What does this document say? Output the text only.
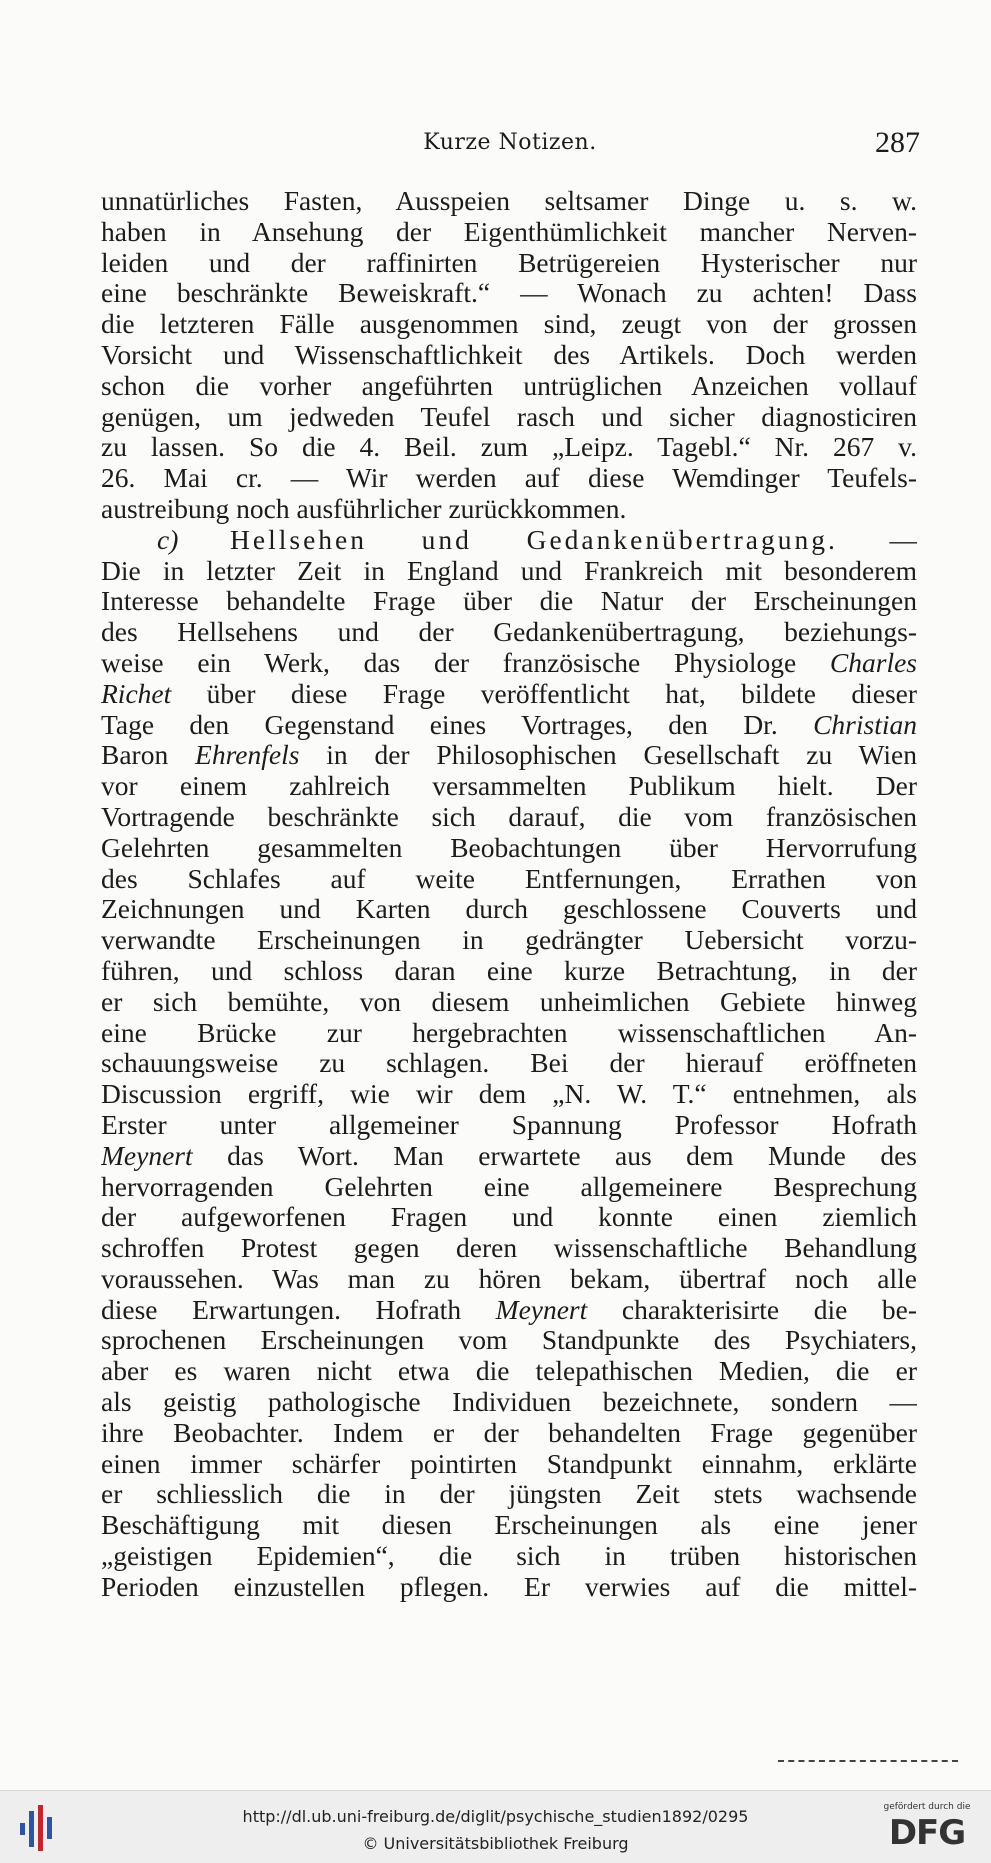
Kurze Notizen.	287
unnatürliches Fasten, Ausspeien seltsamer Dinge u. s. w.
haben in Ansehung der Eigenthümlichkeit mancher Nerven-
leiden und der raffinirten Betrügereien Hysterischer nur
eine beschränkte Beweiskraft.“ — Wonach zu achten! Dass
die letzteren Fälle ausgenommen sind, zeugt von der grossen
Vorsicht und Wissenschaftlichkeit des Artikels. Doch werden
schon die vorher angeführten untrüglichen Anzeichen vollauf
genügen, um jedweden Teufel rasch und sicher diagnosticiren
zu lassen. So die 4. Beil. zum „Leipz. Tagebl.“ Nr. 267 v.
26. Mai cr. — Wir werden auf diese Wemdinger Teufels-
austreibung noch ausführlicher zurückkommen.
c) Hellsehen und Gedankenübertragung. —
Die in letzter Zeit in England und Frankreich mit besonderem
Interesse behandelte Frage über die Natur der Erscheinungen
des Hellsehens und der Gedankenübertragung, beziehungs-
weise ein Werk, das der französische Physiologe Charles
Richet über diese Frage veröffentlicht hat, bildete dieser
Tage den Gegenstand eines Vortrages, den Dr. Christian
Baron Ehrenfels in der Philosophischen Gesellschaft zu Wien
vor einem zahlreich versammelten Publikum hielt. Der
Vortragende beschränkte sich darauf, die vom französischen
Gelehrten gesammelten Beobachtungen über Hervorrufung
des Schlafes auf weite Entfernungen, Errathen von
Zeichnungen und Karten durch geschlossene Couverts und
verwandte Erscheinungen in gedrängter Uebersicht vorzu-
führen, und schloss daran eine kurze Betrachtung, in der
er sich bemühte, von diesem unheimlichen Gebiete hinweg
eine Brücke zur hergebrachten wissenschaftlichen An-
schauungsweise zu schlagen. Bei der hierauf eröffneten
Discussion ergriff, wie wir dem „N. W. T.“ entnehmen, als
Erster unter allgemeiner Spannung Professor Hofrath
Meynert das Wort. Man erwartete aus dem Munde des
hervorragenden Gelehrten eine allgemeinere Besprechung
der aufgeworfenen Fragen und konnte einen ziemlich
schroffen Protest gegen deren wissenschaftliche Behandlung
voraussehen. Was man zu hören bekam, übertraf noch alle
diese Erwartungen. Hofrath Meynert charakterisirte die be-
sprochenen Erscheinungen vom Standpunkte des Psychiaters,
aber es waren nicht etwa die telepathischen Medien, die er
als geistig pathologische Individuen bezeichnete, sondern —
ihre Beobachter. Indem er der behandelten Frage gegenüber
einen immer schärfer pointirten Standpunkt einnahm, erklärte
er schliesslich die in der jüngsten Zeit stets wachsende
Beschäftigung mit diesen Erscheinungen als eine jener
„geistigen Epidemien“, die sich in trüben historischen
Perioden einzustellen pflegen. Er verwies auf die mittel-
http://dl.ub.uni-freiburg.de/diglit/psychische_studien1892/0295
© Universitätsbibliothek Freiburg
gefördert durch die
DFG
